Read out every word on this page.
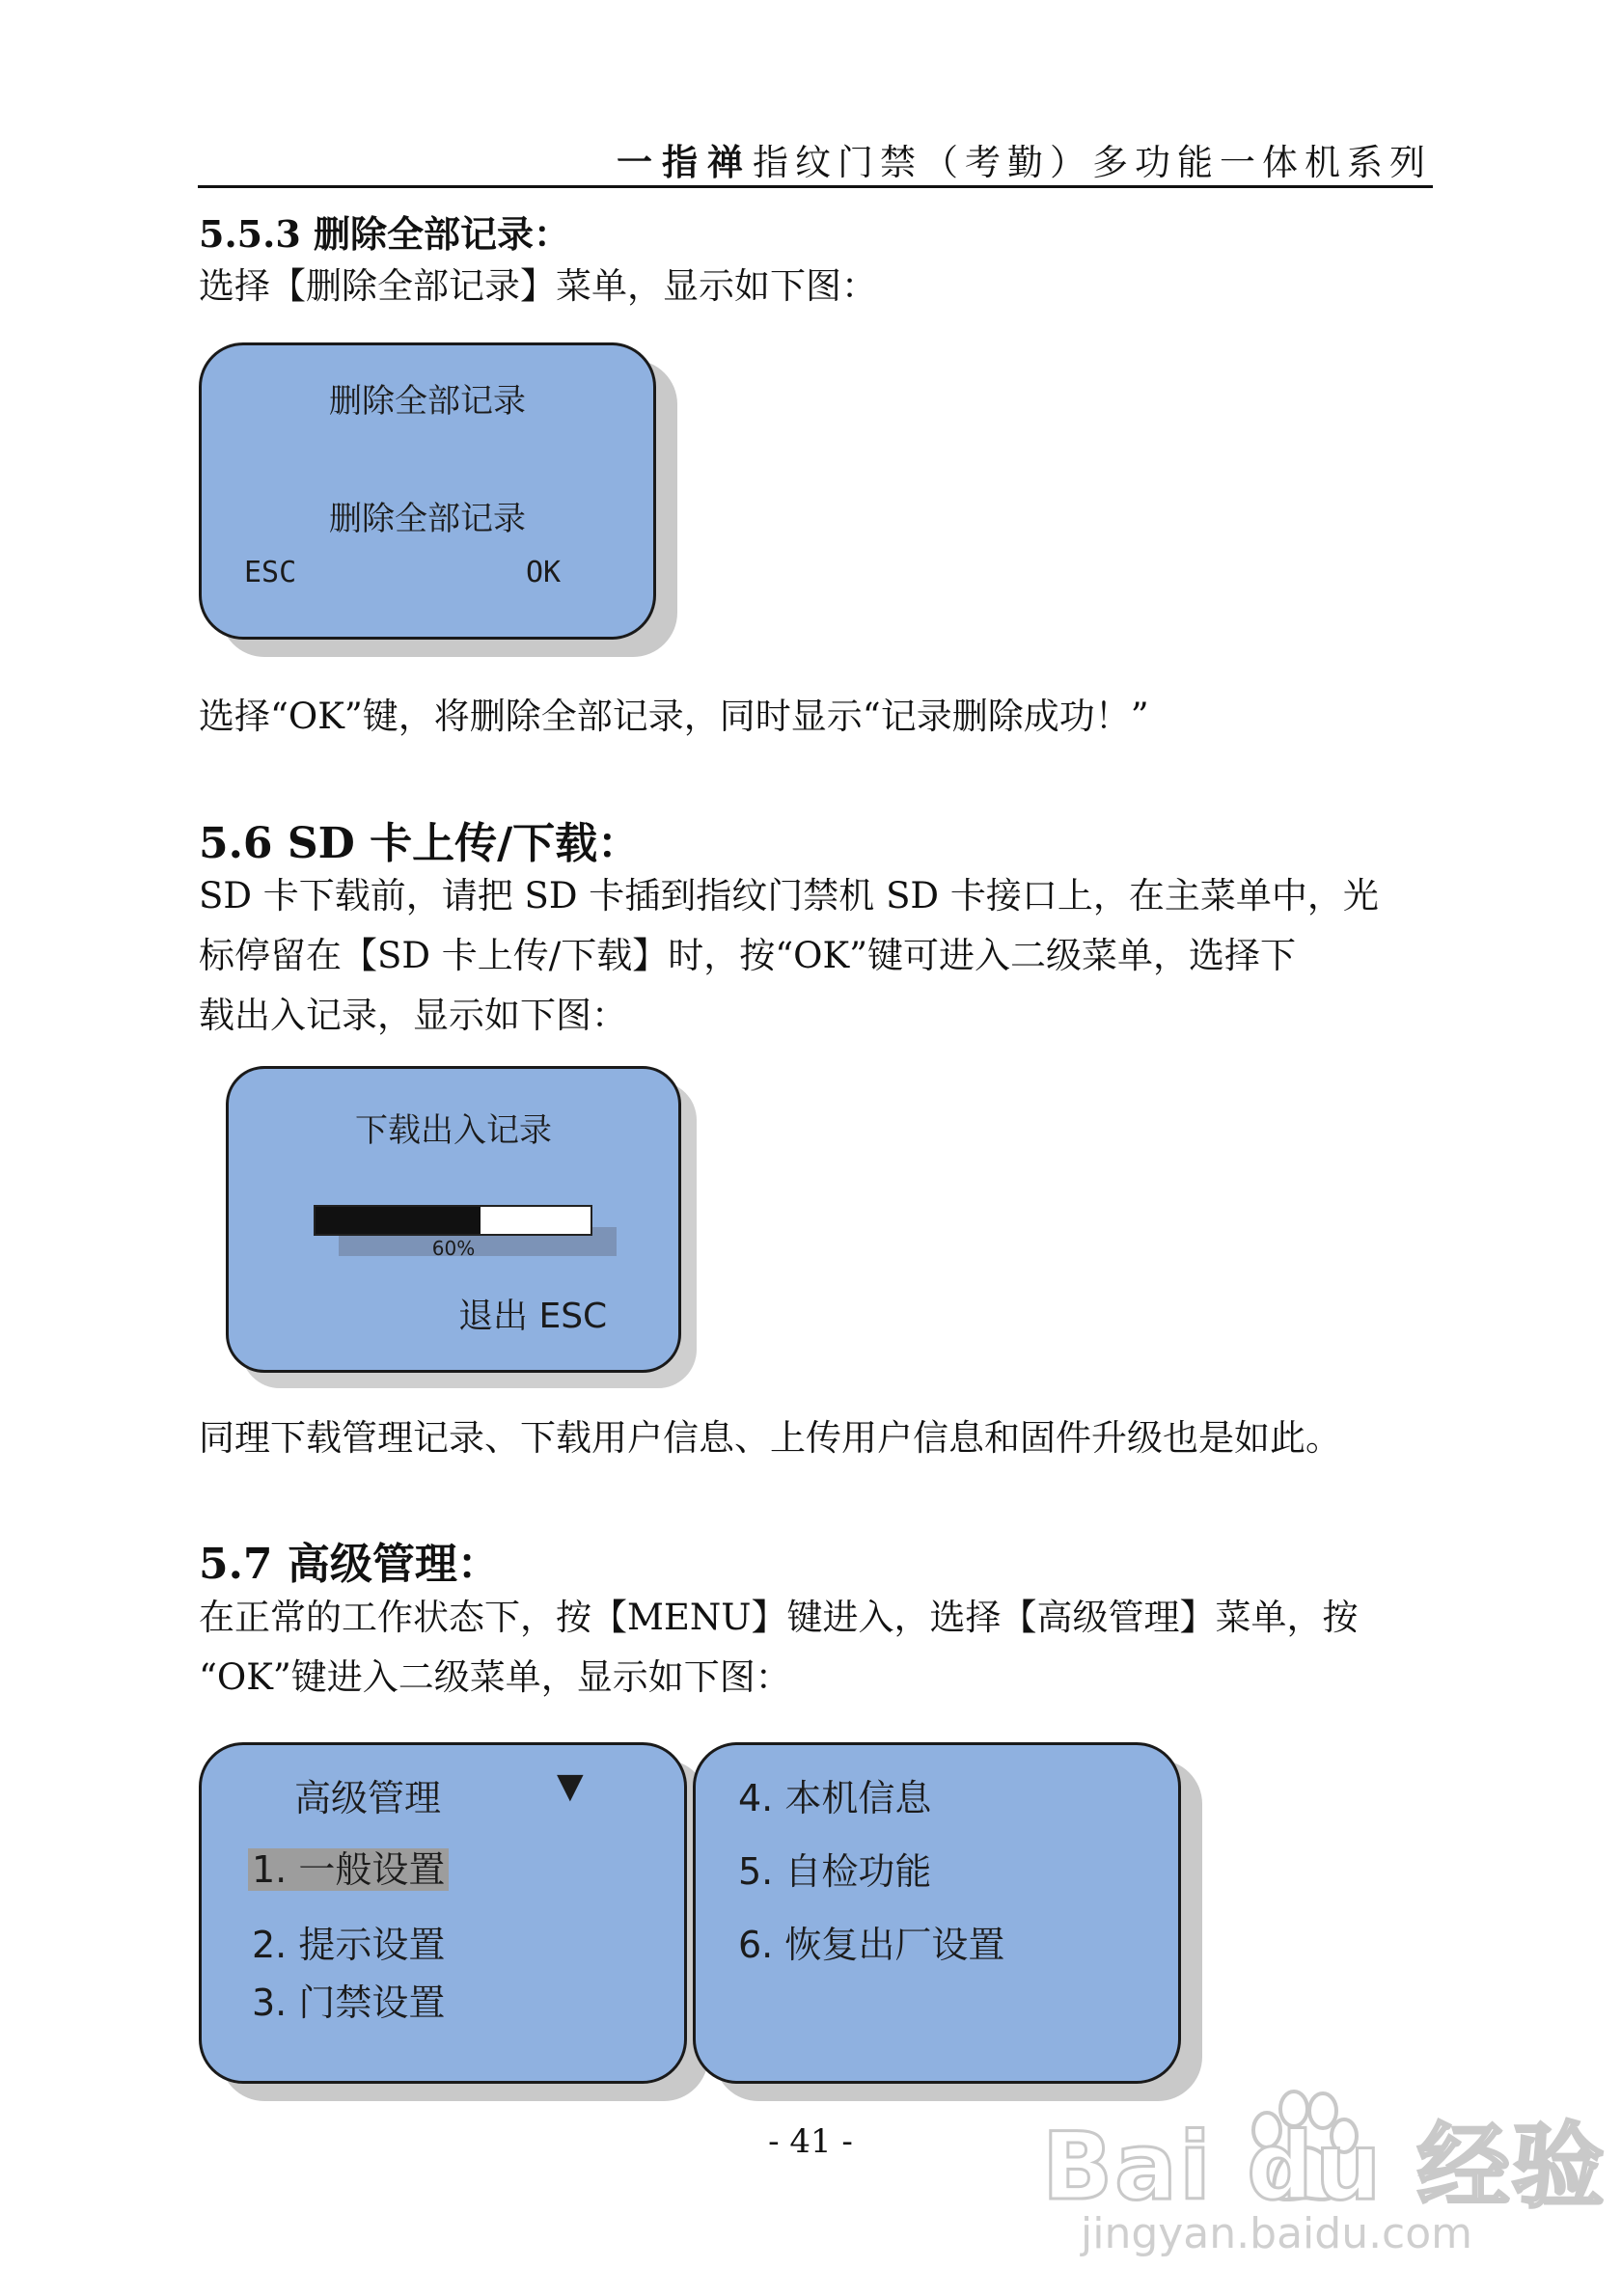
一指禅指纹门禁（考勤）多功能一体机系列
5.5.3 删除全部记录：
选择【删除全部记录】菜单，显示如下图：
删除全部记录
删除全部记录
ESC	OK
选择“OK”键，将删除全部记录，同时显示“记录删除成功！”
5.6 SD 卡上传/下载：
SD 卡下载前，请把 SD 卡插到指纹门禁机 SD 卡接口上，在主菜单中，光
标停留在【SD 卡上传/下载】时，按“OK”键可进入二级菜单，选择下
载出入记录，显示如下图：
下载出入记录
60%
退出 ESC
同理下载管理记录、下载用户信息、上传用户信息和固件升级也是如此。
5.7 高级管理：
在正常的工作状态下，按【MENU】键进入，选择【高级管理】菜单，按
“OK”键进入二级菜单，显示如下图：
高级管理	▼
1. 一般设置
2. 提示设置
3. 门禁设置
4. 本机信息
5. 自检功能
6. 恢复出厂设置
- 41 -	Bai du 经验
jingyan.baidu.com
